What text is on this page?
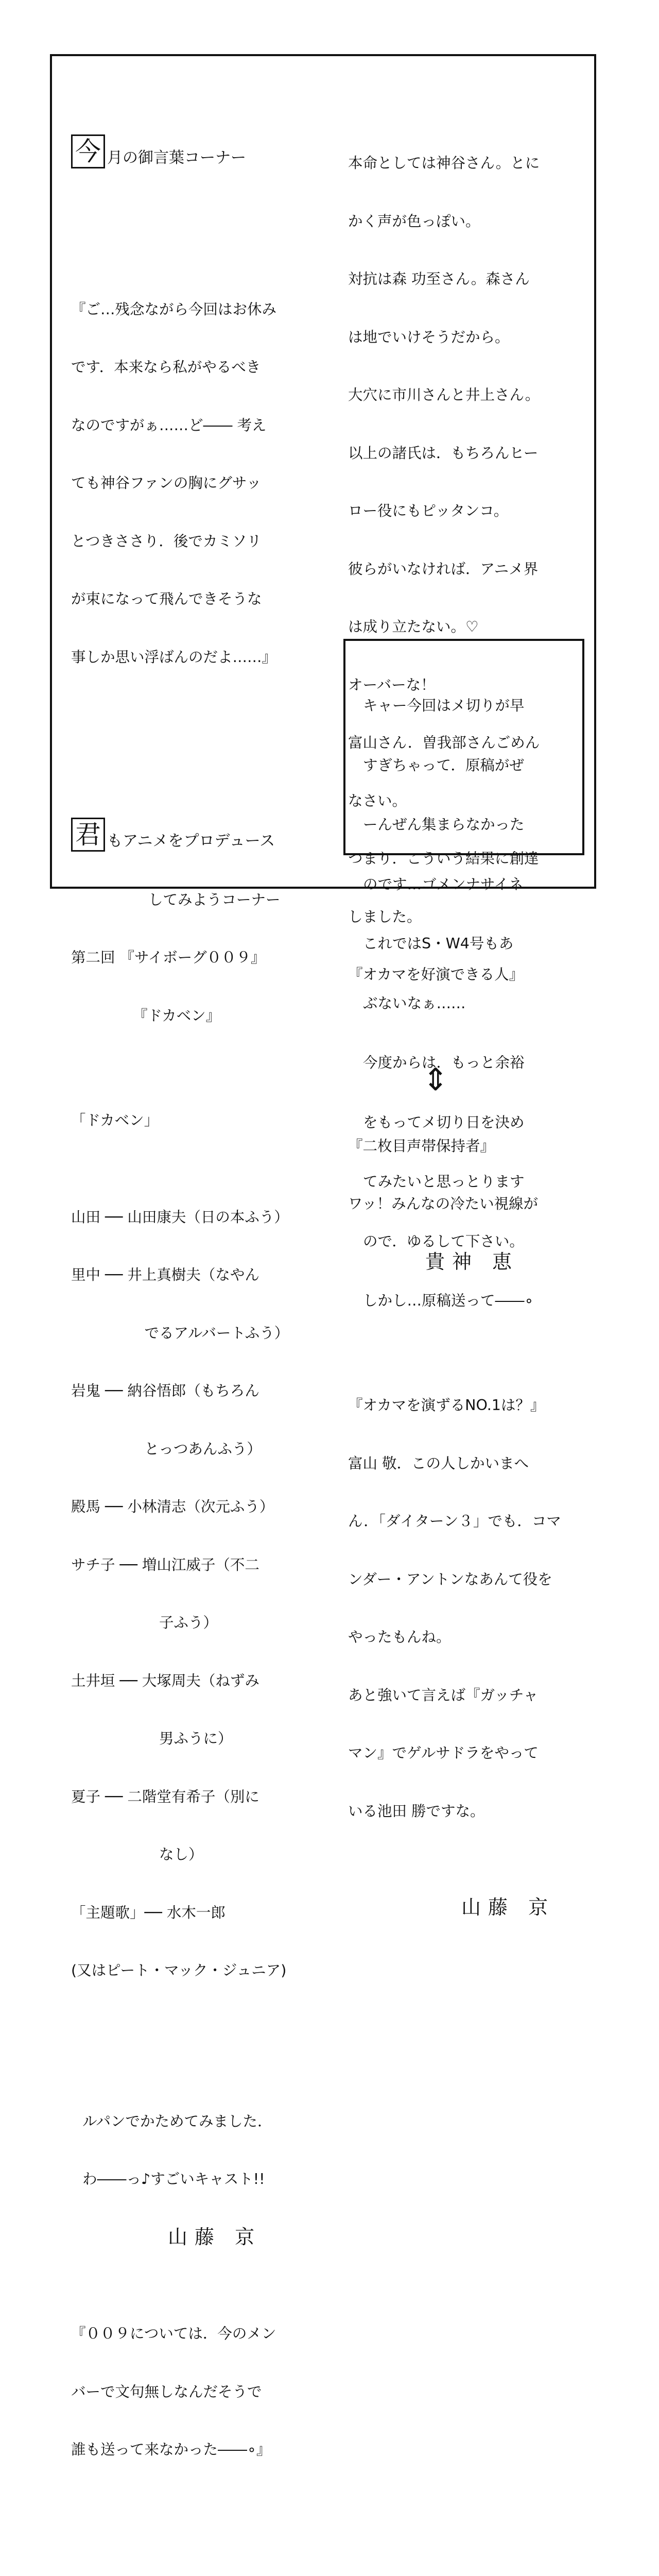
今 月の御言葉コーナー

『ご…残念ながら今回はお休み

です．本来なら私がやるべき

なのですがぁ……ど―― 考え

ても神谷ファンの胸にグサッ

とつきささり．後でカミソリ

が束になって飛んできそうな

事しか思い浮ばんのだよ……』

君 もアニメをプロデュース

してみようコーナー

第二回 『サイボーグ００９』

『ドカベン』

「ドカベン」

山田 ── 山田康夫（日の本ふう）

里中 ── 井上真樹夫（なやん

　　　　　でるアルバートふう）

岩鬼 ── 納谷悟郎（もちろん

　　　　　とっつあんふう）

殿馬 ── 小林清志（次元ふう）

サチ子 ── 増山江威子（不二

　　　　　　子ふう）

土井垣 ── 大塚周夫（ねずみ

　　　　　　男ふうに）

夏子 ── 二階堂有希子（別に

　　　　　　なし）

「主題歌」── 水木一郎

(又はピート・マック・ジュニア)

ルパンでかためてみました．

わ――っ♪すごいキャスト!!

山藤 京

『００９については．今のメン

バーで文句無しなんだそうで

誰も送って来なかった――∘』

本命としては神谷さん。とに

かく声が色っぽい。

対抗は森 功至さん。森さん

は地でいけそうだから。

大穴に市川さんと井上さん。

以上の諸氏は．もちろんヒー

ロー役にもピッタンコ。

彼らがいなければ．アニメ界

は成り立たない。♡

オーバーな！

富山さん．曽我部さんごめん

なさい。

つまり．こういう結果に創達

しました。

『オカマを好演できる人』

⇕

『二枚目声帯保持者』

ワッ！みんなの冷たい視線が

貴神 恵

『オカマを演ずるNO.1は？』

富山 敬．この人しかいまへ

ん．「ダイターン３」でも．コマ

ンダー・アントンなあんて役を

やったもんね。

あと強いて言えば『ガッチャ

マン』でゲルサドラをやって

いる池田 勝ですな。

山藤 京

キャー今回はメ切りが早

すぎちゃって．原稿がぜ

ーんぜん集まらなかった

のです…ゴメンナサイネ

これではS・W4号もあ

ぶないなぁ……

今度からは．もっと余裕

をもってメ切り日を決め

てみたいと思っとります

ので．ゆるして下さい。

しかし…原稿送って――∘
